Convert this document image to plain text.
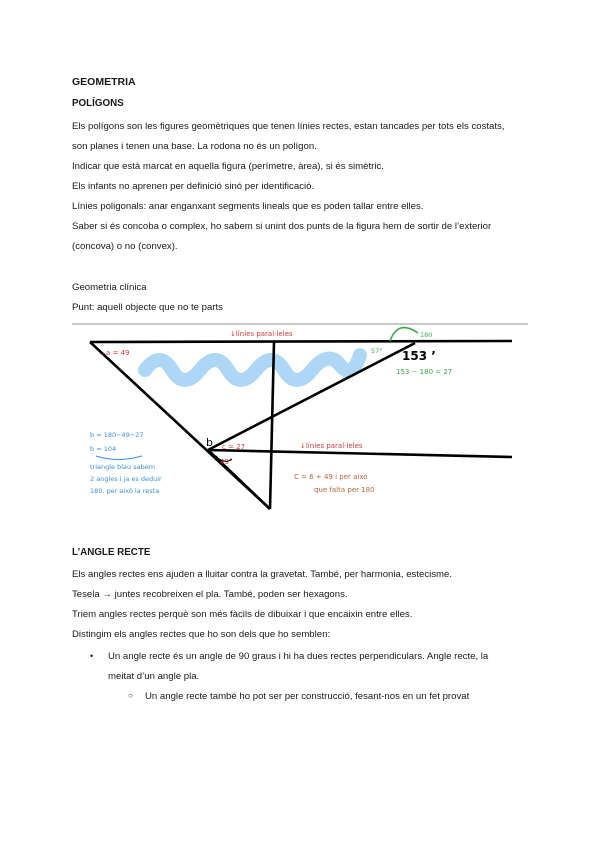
GEOMETRIA
POLÍGONS
Els polígons son les figures geomètriques que tenen línies rectes, estan tancades per tots els costats,
son planes i tenen una base. La rodona no és un polígon.
Indicar que està marcat en aquella figura (perímetre, àrea), si és simètric.
Els infants no aprenen per definició sinó per identificació.
Línies poligonals: anar enganxant segments lineals que es poden tallar entre elles.
Saber si és concoba o complex, ho sabem si unint dos punts de la figura hem de sortir de l’exterior
(concova) o no (convex).
Geometria clínica
Punt: aquell objecte que no te parts
↓línies paral·leles
a = 49	57°
180
153 ’
153 − 180 = 27
b c = 27
49°
↓línies paral·leles
b = 180−49−27
b = 104
triangle blau sabem
2 angles i ja es deduir
180, per això la resta
C = 6 + 49 i per això
que falta per 180
L’ANGLE RECTE
Els angles rectes ens ajuden a lluitar contra la gravetat. També, per harmonia, estecisme.
Tesela → juntes recobreixen el pla. També, poden ser hexagons.
Triem angles rectes perquè son més fàcils de dibuixar i que encaixin entre elles.
Distingim els angles rectes que ho son dels que ho semblen:
• Un angle recte és un angle de 90 graus i hi ha dues rectes perpendiculars. Angle recte, la
meitat d’un angle pla.
○ Un angle recte també ho pot ser per construcció, fesant-nos en un fet provat
